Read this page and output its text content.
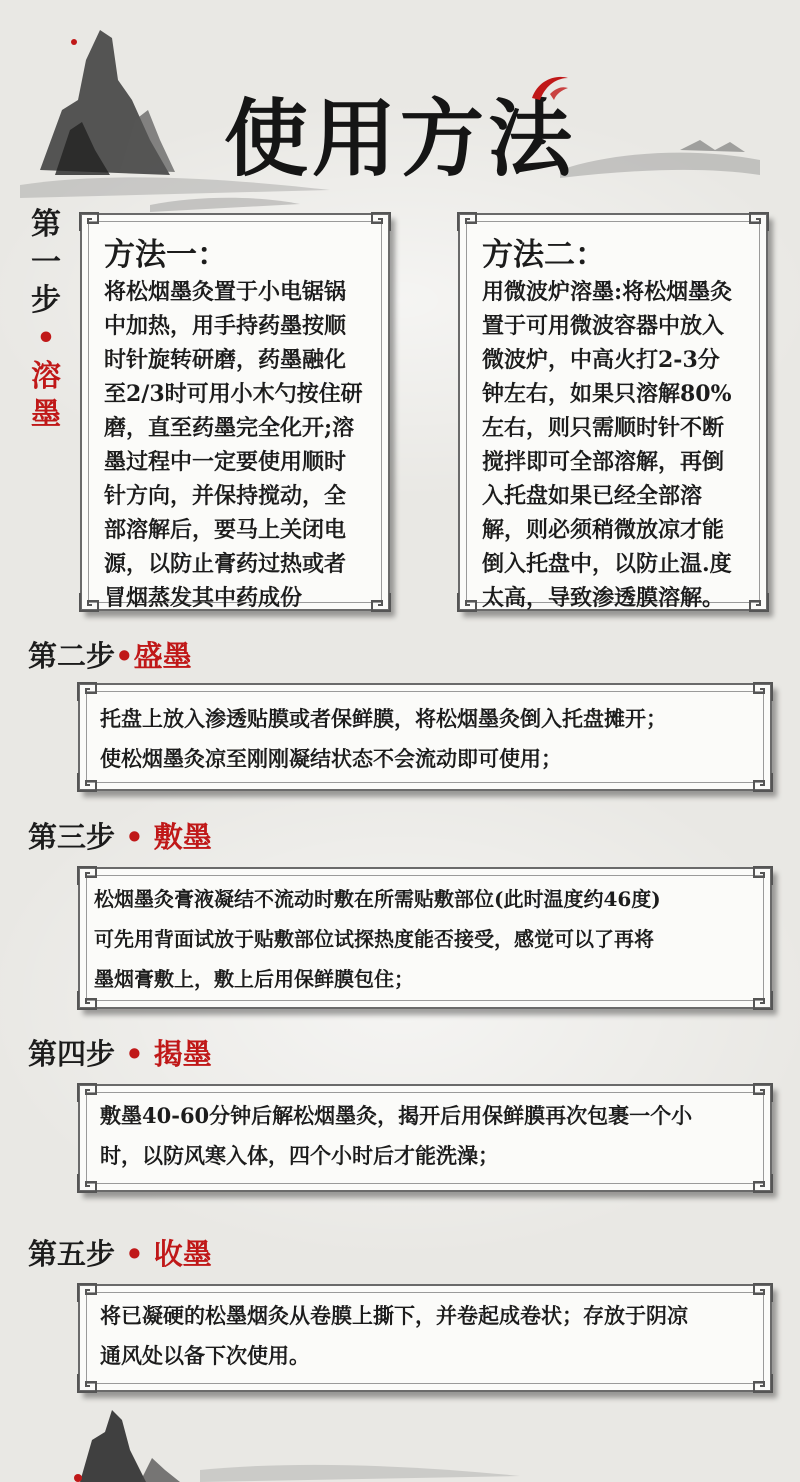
使用方法
第
一
步
•
溶
墨
方法一：
将松烟墨灸置于小电锯锅
中加热，用手持药墨按顺
时针旋转研磨，药墨融化
至2/3时可用小木勺按住研
磨，直至药墨完全化开;溶
墨过程中一定要使用顺时
针方向，并保持搅动，全
部溶解后，要马上关闭电
源，以防止膏药过热或者
冒烟蒸发其中药成份
方法二：
用微波炉溶墨:将松烟墨灸
置于可用微波容器中放入
微波炉，中高火打2-3分
钟左右，如果只溶解80%
左右，则只需顺时针不断
搅拌即可全部溶解，再倒
入托盘如果已经全部溶
解，则必须稍微放凉才能
倒入托盘中，以防止温.度
太高，导致渗透膜溶解。
第二步•盛墨
托盘上放入渗透贴膜或者保鲜膜，将松烟墨灸倒入托盘摊开；
使松烟墨灸凉至刚刚凝结状态不会流动即可使用；
第三步 • 敷墨
松烟墨灸膏液凝结不流动时敷在所需贴敷部位(此时温度约46度)
可先用背面试放于贴敷部位试探热度能否接受，感觉可以了再将
墨烟膏敷上，敷上后用保鲜膜包住；
第四步 • 揭墨
敷墨40-60分钟后解松烟墨灸，揭开后用保鲜膜再次包裹一个小
时，以防风寒入体，四个小时后才能洗澡；
第五步 • 收墨
将已凝硬的松墨烟灸从卷膜上撕下，并卷起成卷状；存放于阴凉
通风处以备下次使用。
